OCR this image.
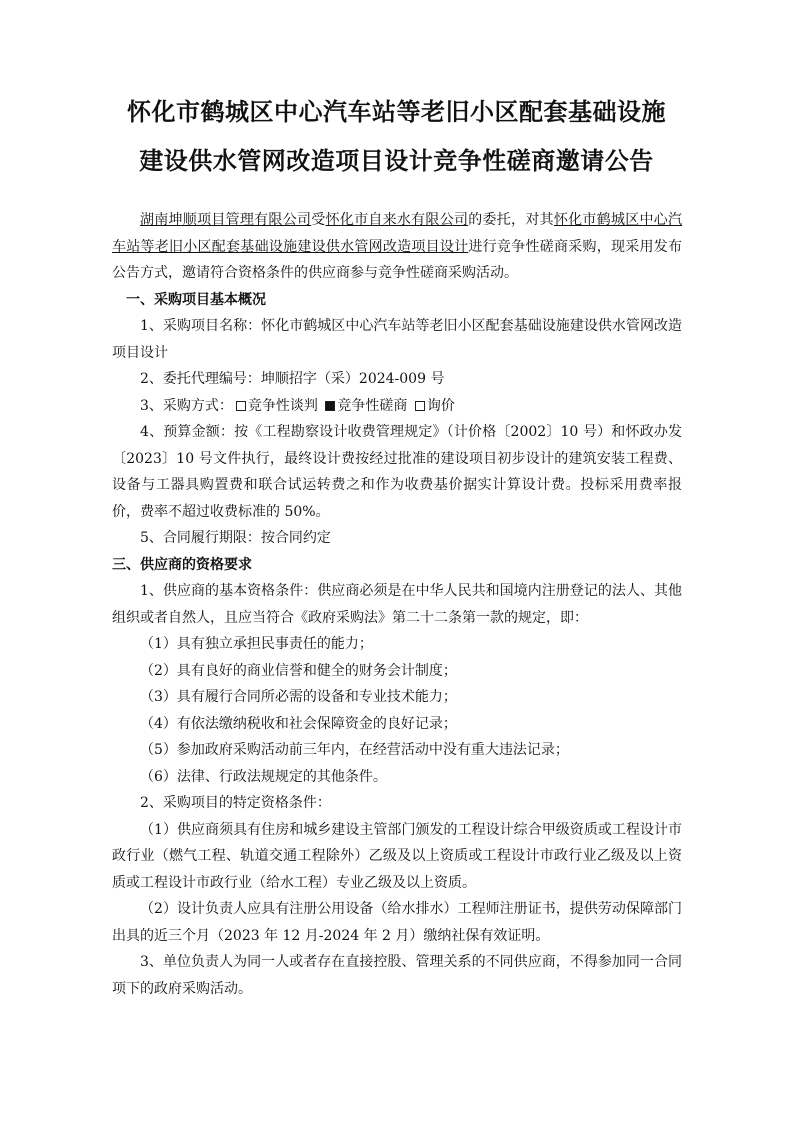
怀化市鹤城区中心汽车站等老旧小区配套基础设施
建设供水管网改造项目设计竞争性磋商邀请公告

湖南坤顺项目管理有限公司受怀化市自来水有限公司的委托，对其怀化市鹤城区中心汽车站等老旧小区配套基础设施建设供水管网改造项目设计进行竞争性磋商采购，现采用发布公告方式，邀请符合资格条件的供应商参与竞争性磋商采购活动。

一、采购项目基本概况

1、采购项目名称：怀化市鹤城区中心汽车站等老旧小区配套基础设施建设供水管网改造项目设计

2、委托代理编号：坤顺招字（采）2024-009 号

3、采购方式： 竞争性谈判 竞争性磋商 询价

4、预算金额：按《工程勘察设计收费管理规定》（计价格〔2002〕10 号）和怀政办发〔2023〕10 号文件执行，最终设计费按经过批准的建设项目初步设计的建筑安装工程费、设备与工器具购置费和联合试运转费之和作为收费基价据实计算设计费。投标采用费率报价，费率不超过收费标准的 50%。

5、合同履行期限：按合同约定

三、供应商的资格要求

1、供应商的基本资格条件：供应商必须是在中华人民共和国境内注册登记的法人、其他组织或者自然人，且应当符合《政府采购法》第二十二条第一款的规定，即：

（1）具有独立承担民事责任的能力；

（2）具有良好的商业信誉和健全的财务会计制度；

（3）具有履行合同所必需的设备和专业技术能力；

（4）有依法缴纳税收和社会保障资金的良好记录；

（5）参加政府采购活动前三年内，在经营活动中没有重大违法记录；

（6）法律、行政法规规定的其他条件。

2、采购项目的特定资格条件：

（1）供应商须具有住房和城乡建设主管部门颁发的工程设计综合甲级资质或工程设计市政行业（燃气工程、轨道交通工程除外）乙级及以上资质或工程设计市政行业乙级及以上资质或工程设计市政行业（给水工程）专业乙级及以上资质。

（2）设计负责人应具有注册公用设备（给水排水）工程师注册证书，提供劳动保障部门出具的近三个月（2023 年 12 月-2024 年 2 月）缴纳社保有效证明。

3、单位负责人为同一人或者存在直接控股、管理关系的不同供应商，不得参加同一合同项下的政府采购活动。
